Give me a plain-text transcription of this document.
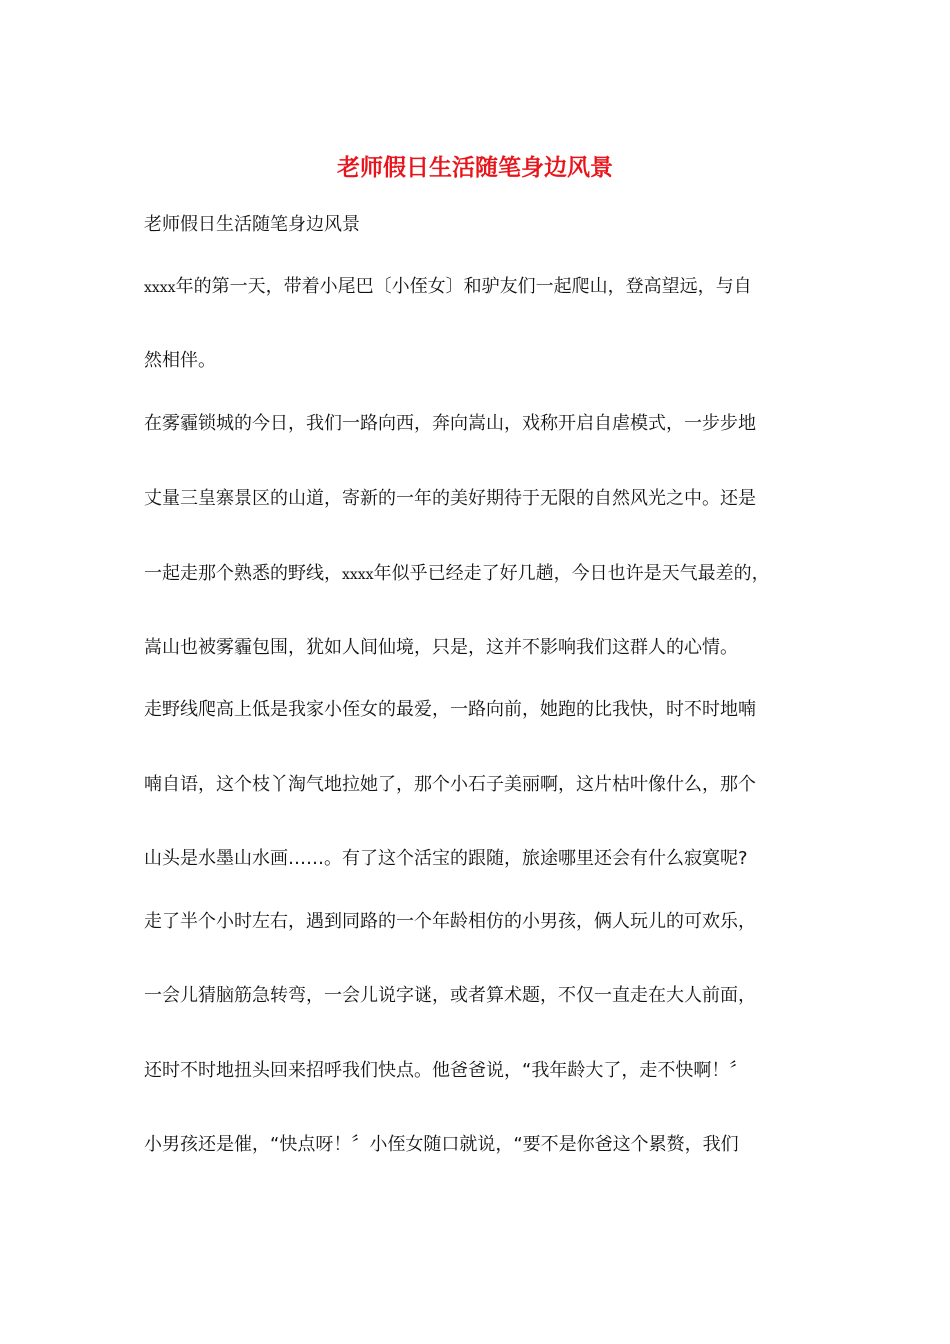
老师假日生活随笔身边风景

老师假日生活随笔身边风景

xxxx年的第一天，带着小尾巴〔小侄女〕和驴友们一起爬山，登高望远，与自

然相伴。

在雾霾锁城的今日，我们一路向西，奔向嵩山，戏称开启自虐模式，一步步地

丈量三皇寨景区的山道，寄新的一年的美好期待于无限的自然风光之中。还是

一起走那个熟悉的野线，xxxx年似乎已经走了好几趟，今日也许是天气最差的，

嵩山也被雾霾包围，犹如人间仙境，只是，这并不影响我们这群人的心情。

走野线爬高上低是我家小侄女的最爱，一路向前，她跑的比我快，时不时地喃

喃自语，这个枝丫淘气地拉她了，那个小石子美丽啊，这片枯叶像什么，那个

山头是水墨山水画……。有了这个活宝的跟随，旅途哪里还会有什么寂寞呢?

走了半个小时左右，遇到同路的一个年龄相仿的小男孩，俩人玩儿的可欢乐，

一会儿猜脑筋急转弯，一会儿说字谜，或者算术题，不仅一直走在大人前面，

还时不时地扭头回来招呼我们快点。他爸爸说，“我年龄大了，走不快啊！〞

小男孩还是催，“快点呀！〞小侄女随口就说，“要不是你爸这个累赘，我们
